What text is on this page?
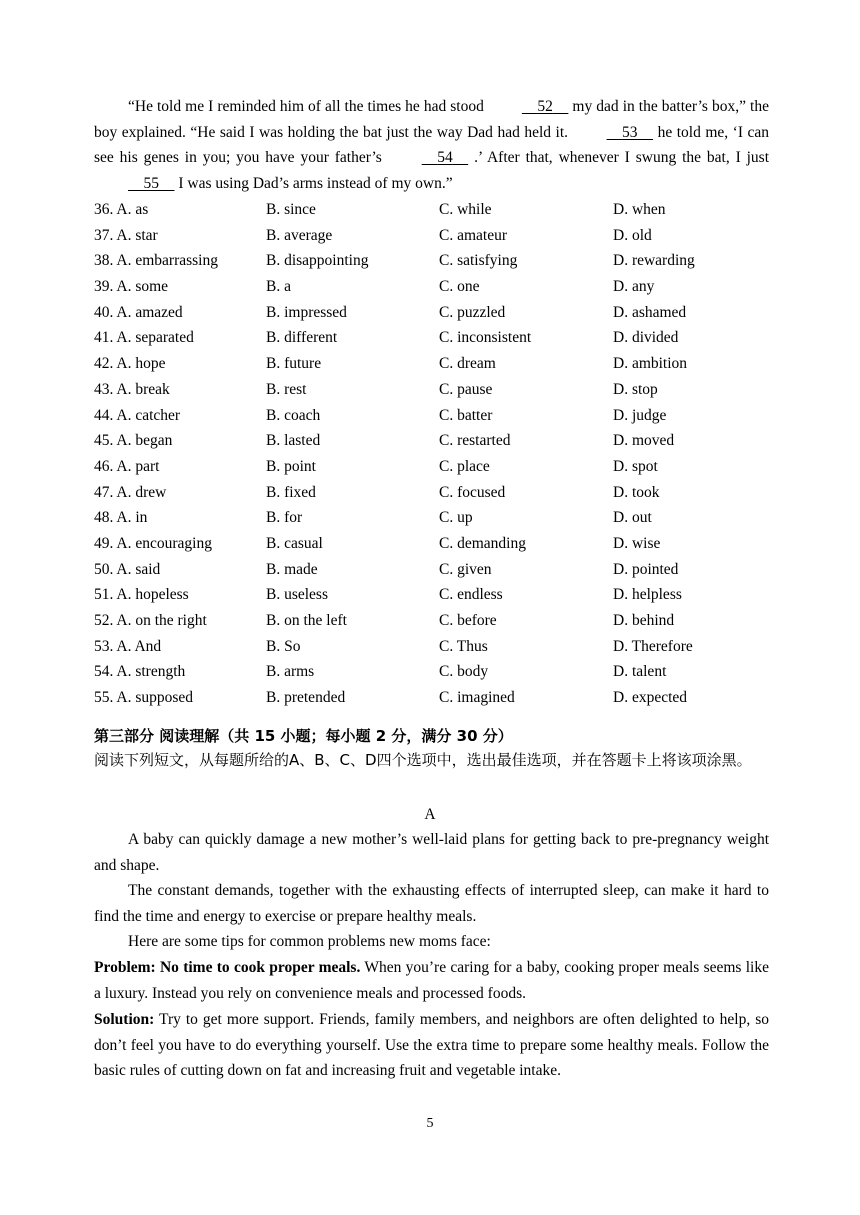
“He told me I reminded him of all the times he had stood	52 my dad in the batter’s box,” the boy explained. “He said I was holding the bat just the way Dad had held it.	53 he told me, ‘I can see his genes in you; you have your father’s	54 .’ After that, whenever I swung the bat, I just 55 I was using Dad’s arms instead of my own.”

36. A. as	B. since	C. while	D. when
37. A. star	B. average	C. amateur	D. old
38. A. embarrassing	B. disappointing	C. satisfying	D. rewarding
39. A. some	B. a	C. one	D. any
40. A. amazed	B. impressed	C. puzzled	D. ashamed
41. A. separated	B. different	C. inconsistent	D. divided
42. A. hope	B. future	C. dream	D. ambition
43. A. break	B. rest	C. pause	D. stop
44. A. catcher	B. coach	C. batter	D. judge
45. A. began	B. lasted	C. restarted	D. moved
46. A. part	B. point	C. place	D. spot
47. A. drew	B. fixed	C. focused	D. took
48. A. in	B. for	C. up	D. out
49. A. encouraging	B. casual	C. demanding	D. wise
50. A. said	B. made	C. given	D. pointed
51. A. hopeless	B. useless	C. endless	D. helpless
52. A. on the right	B. on the left	C. before	D. behind
53. A. And	B. So	C. Thus	D. Therefore
54. A. strength	B. arms	C. body	D. talent
55. A. supposed	B. pretended	C. imagined	D. expected
第三部分 阅读理解（共 15 小题；每小题 2 分，满分 30 分）
阅读下列短文，从每题所给的A、B、C、D四个选项中，选出最佳选项，并在答题卡上将该项涂黑。
A

A baby can quickly damage a new mother’s well-laid plans for getting back to pre-pregnancy weight and shape.

The constant demands, together with the exhausting effects of interrupted sleep, can make it hard to find the time and energy to exercise or prepare healthy meals.

Here are some tips for common problems new moms face:

Problem: No time to cook proper meals. When you’re caring for a baby, cooking proper meals seems like a luxury. Instead you rely on convenience meals and processed foods.

Solution: Try to get more support. Friends, family members, and neighbors are often delighted to help, so don’t feel you have to do everything yourself. Use the extra time to prepare some healthy meals. Follow the basic rules of cutting down on fat and increasing fruit and vegetable intake.

5
